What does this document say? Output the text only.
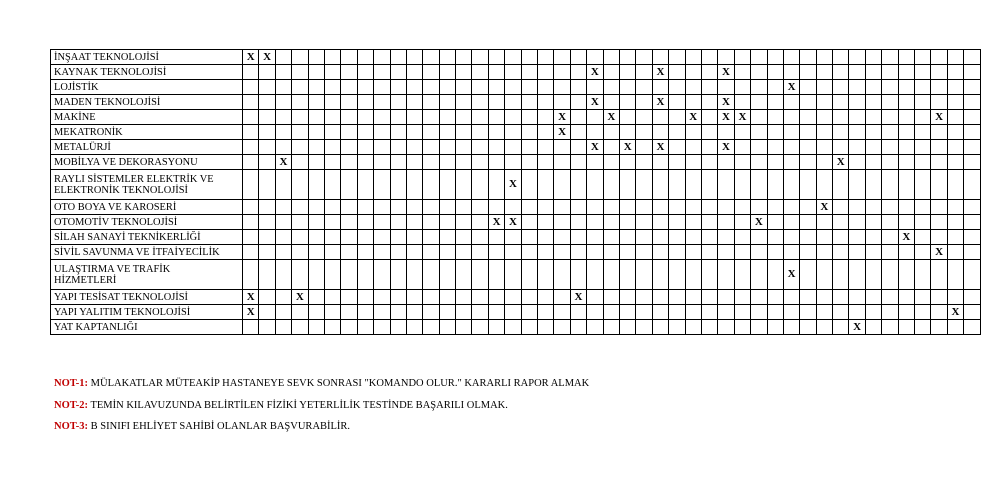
İNŞAAT TEKNOLOJİSİ	X	X																																											
KAYNAK TEKNOLOJİSİ																						X				X				X															
LOJİSTİK																																		X											
MADEN TEKNOLOJİSİ																						X				X				X															
MAKİNE																				X			X					X		X	X												X		
MEKATRONİK																				X																									
METALÜRJİ																						X		X		X				X															
MOBİLYA VE DEKORASYONU			X																																		X								
RAYLI SİSTEMLER ELEKTRİK VE
ELEKTRONİK TEKNOLOJİSİ																	X																												
OTO BOYA VE KAROSERİ																																				X									
OTOMOTİV TEKNOLOJİSİ																X	X															X													
SİLAH SANAYİ TEKNİKERLİĞİ																																									X				
SİVİL SAVUNMA VE İTFAİYECİLİK																																											X		
ULAŞTIRMA VE TRAFİK
HİZMETLERİ																																		X											
YAPI TESİSAT TEKNOLOJİSİ	X			X																	X																								
YAPI YALITIM TEKNOLOJİSİ	X																																											X	
YAT KAPTANLIĞI																																						X							
NOT-1: MÜLAKATLAR MÜTEAKİP HASTANEYE SEVK SONRASI "KOMANDO OLUR." KARARLI RAPOR ALMAK
NOT-2: TEMİN KILAVUZUNDA BELİRTİLEN FİZİKİ YETERLİLİK TESTİNDE BAŞARILI OLMAK.
NOT-3: B SINIFI EHLİYET SAHİBİ OLANLAR BAŞVURABİLİR.
